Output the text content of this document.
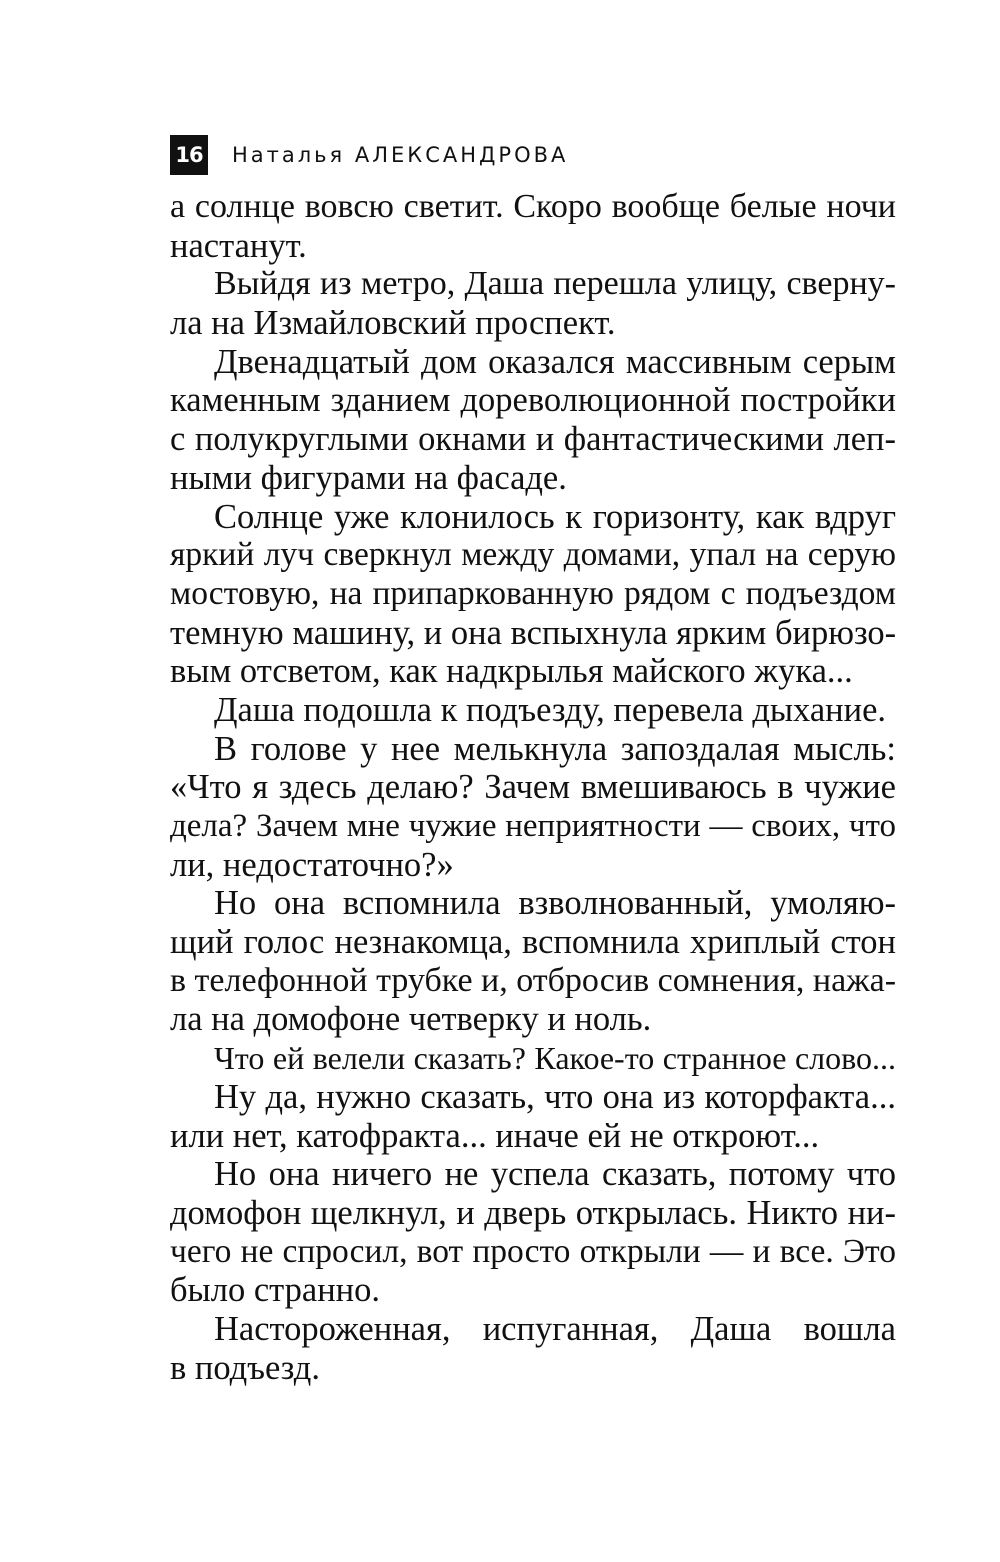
16 Наталья АЛЕКСАНДРОВА
а солнце вовсю светит. Скоро вообще белые ночи
настанут.
Выйдя из метро, Даша перешла улицу, сверну-
ла на Измайловский проспект.
Двенадцатый дом оказался массивным серым
каменным зданием дореволюционной постройки
с полукруглыми окнами и фантастическими леп-
ными фигурами на фасаде.
Солнце уже клонилось к горизонту, как вдруг
яркий луч сверкнул между домами, упал на серую
мостовую, на припаркованную рядом с подъездом
темную машину, и она вспыхнула ярким бирюзо-
вым отсветом, как надкрылья майского жука...
Даша подошла к подъезду, перевела дыхание.
В голове у нее мелькнула запоздалая мысль:
«Что я здесь делаю? Зачем вмешиваюсь в чужие
дела? Зачем мне чужие неприятности — своих, что
ли, недостаточно?»
Но она вспомнила взволнованный, умоляю-
щий голос незнакомца, вспомнила хриплый стон
в телефонной трубке и, отбросив сомнения, нажа-
ла на домофоне четверку и ноль.
Что ей велели сказать? Какое-то странное слово...
Ну да, нужно сказать, что она из которфакта...
или нет, катофракта... иначе ей не откроют...
Но она ничего не успела сказать, потому что
домофон щелкнул, и дверь открылась. Никто ни-
чего не спросил, вот просто открыли — и все. Это
было странно.
Настороженная, испуганная, Даша вошла
в подъезд.
